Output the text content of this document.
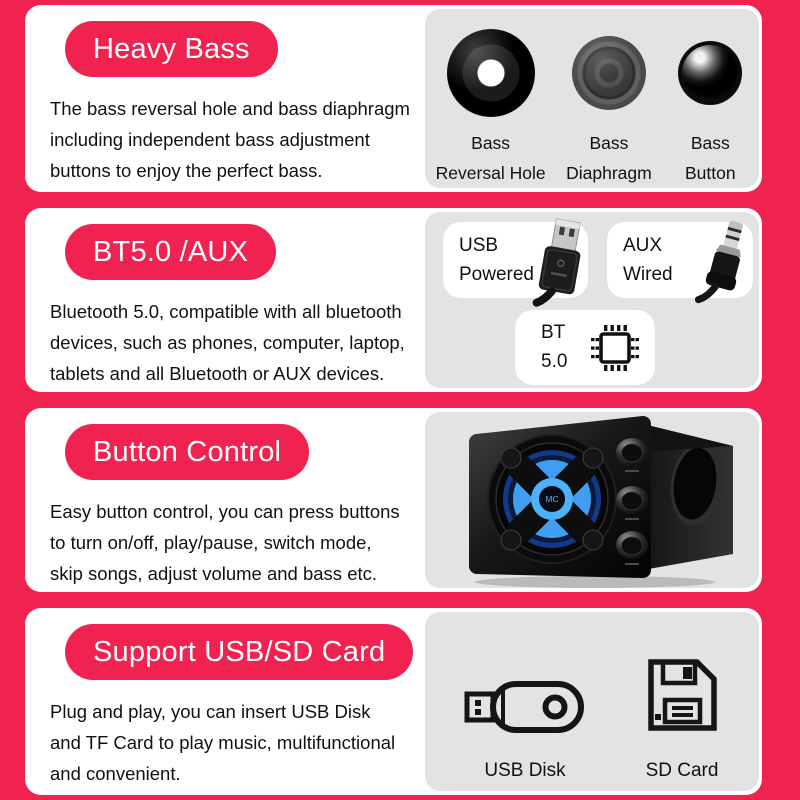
Heavy Bass
The bass reversal hole and bass diaphragm
including independent bass adjustment
buttons to enjoy the perfect bass.
Bass
Reversal Hole
Bass
Diaphragm
Bass
Button
BT5.0 /AUX
Bluetooth 5.0, compatible with all bluetooth
devices, such as phones, computer, laptop,
tablets and all Bluetooth or AUX devices.
USB
Powered
AUX
Wired
BT
5.0
Button Control
Easy button control, you can press buttons
to turn on/off, play/pause, switch mode,
skip songs, adjust volume and bass etc.
MC
Support USB/SD Card
Plug and play, you can insert USB Disk
and TF Card to play music, multifunctional
and convenient.	USB Disk	SD Card
